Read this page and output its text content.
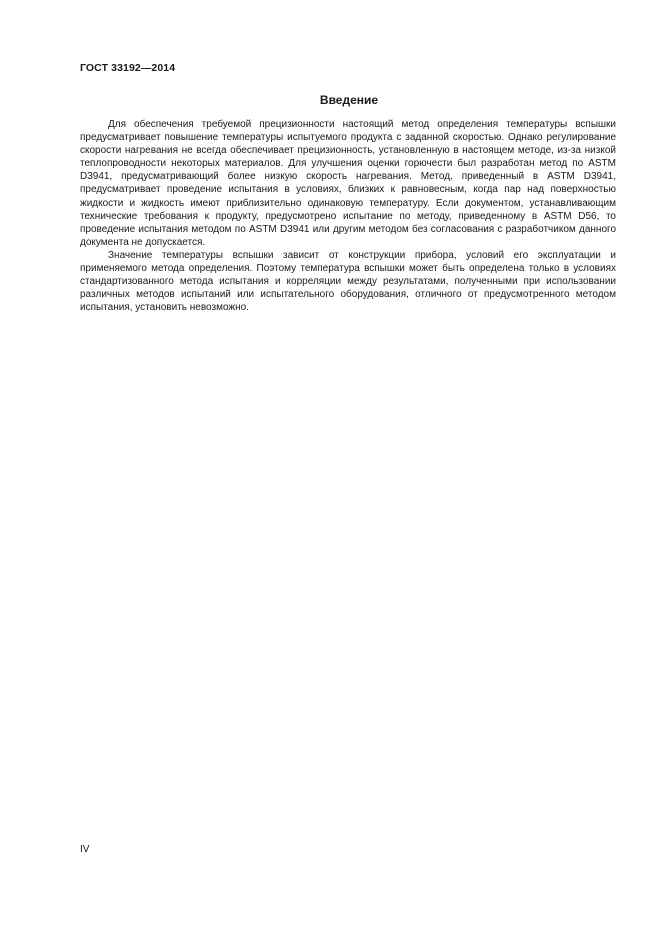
ГОСТ 33192—2014
Введение

Для обеспечения требуемой прецизионности настоящий метод определения температуры вспышки предусматривает повышение температуры испытуемого продукта с заданной скоростью. Однако регулирование скорости нагревания не всегда обеспечивает прецизионность, установленную в настоящем методе, из-за низкой теплопроводности некоторых материалов. Для улучшения оценки горючести был разработан метод по ASTM D3941, предусматривающий более низкую скорость нагревания. Метод, приведенный в ASTM D3941, предусматривает проведение испытания в условиях, близких к равновесным, когда пар над поверхностью жидкости и жидкость имеют приблизительно одинаковую температуру. Если документом, устанавливающим технические требования к продукту, предусмотрено испытание по методу, приведенному в ASTM D56, то проведение испытания методом по ASTM D3941 или другим методом без согласования с разработчиком данного документа не допускается.

Значение температуры вспышки зависит от конструкции прибора, условий его эксплуатации и применяемого метода определения. Поэтому температура вспышки может быть определена только в условиях стандартизованного метода испытания и корреляции между результатами, полученными при использовании различных методов испытаний или испытательного оборудования, отличного от предусмотренного методом испытания, установить невозможно.

IV
